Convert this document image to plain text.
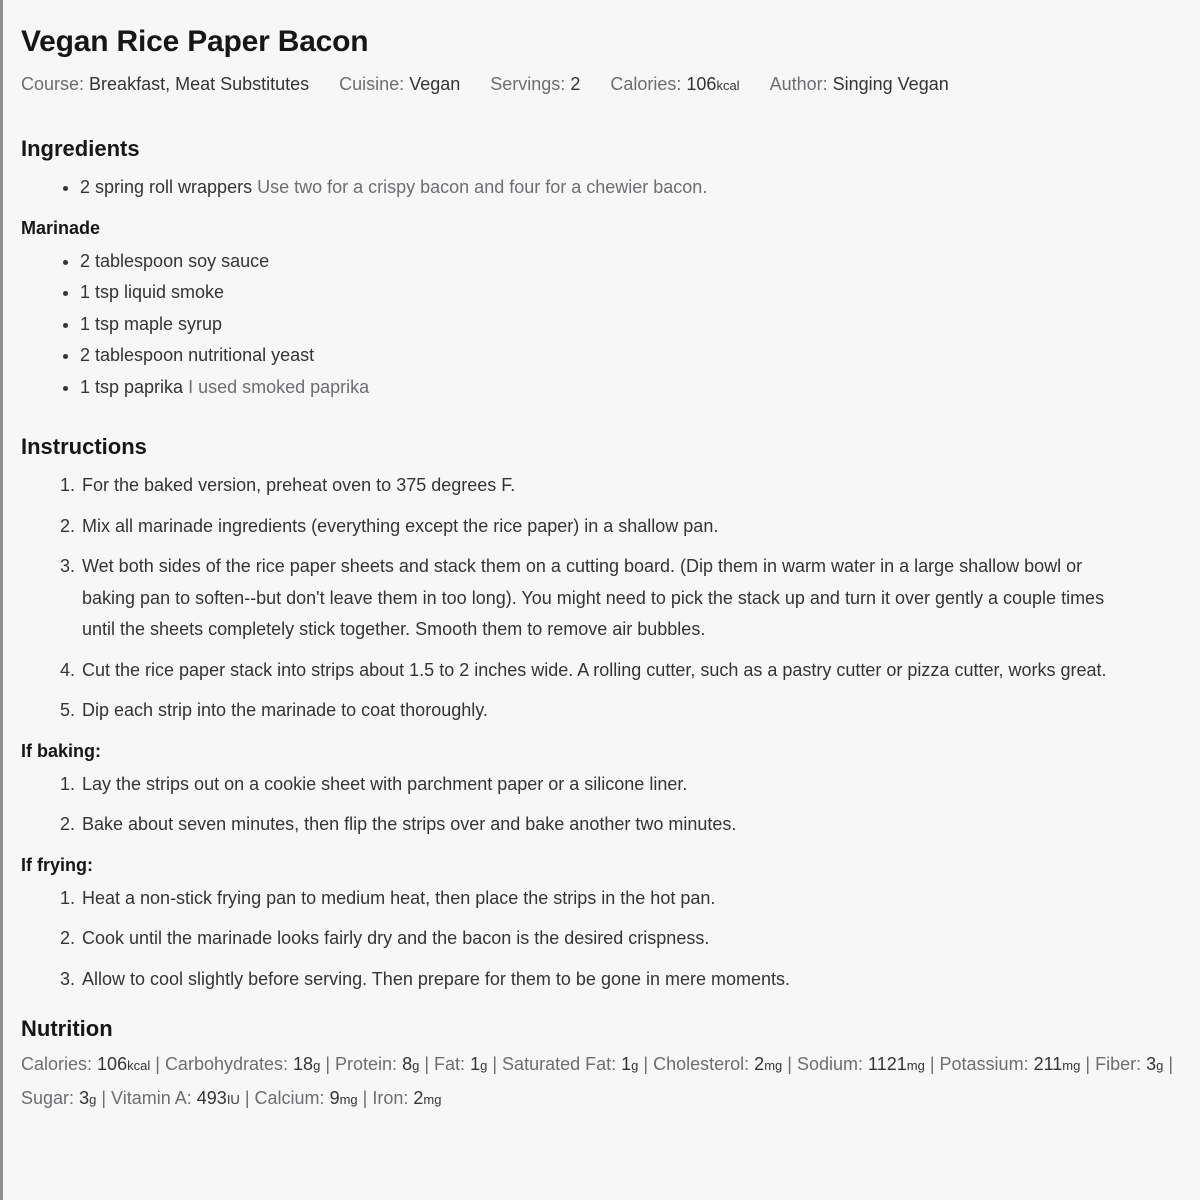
Vegan Rice Paper Bacon
Course: Breakfast, Meat Substitutes Cuisine: Vegan Servings: 2 Calories: 106kcal Author: Singing Vegan
Ingredients
• 2 spring roll wrappers Use two for a crispy bacon and four for a chewier bacon.
Marinade
• 2 tablespoon soy sauce
• 1 tsp liquid smoke
• 1 tsp maple syrup
• 2 tablespoon nutritional yeast
• 1 tsp paprika I used smoked paprika
Instructions
1. For the baked version, preheat oven to 375 degrees F.
2. Mix all marinade ingredients (everything except the rice paper) in a shallow pan.
3. Wet both sides of the rice paper sheets and stack them on a cutting board. (Dip them in warm water in a large shallow bowl or baking pan to soften--but don't leave them in too long). You might need to pick the stack up and turn it over gently a couple times until the sheets completely stick together. Smooth them to remove air bubbles.
4. Cut the rice paper stack into strips about 1.5 to 2 inches wide. A rolling cutter, such as a pastry cutter or pizza cutter, works great.
5. Dip each strip into the marinade to coat thoroughly.
If baking:
1. Lay the strips out on a cookie sheet with parchment paper or a silicone liner.
2. Bake about seven minutes, then flip the strips over and bake another two minutes.
If frying:
1. Heat a non-stick frying pan to medium heat, then place the strips in the hot pan.
2. Cook until the marinade looks fairly dry and the bacon is the desired crispness.
3. Allow to cool slightly before serving. Then prepare for them to be gone in mere moments.
Nutrition

Calories: 106kcal | Carbohydrates: 18g | Protein: 8g | Fat: 1g | Saturated Fat: 1g | Cholesterol: 2mg | Sodium: 1121mg | Potassium: 211mg | Fiber: 3g | Sugar: 3g | Vitamin A: 493IU | Calcium: 9mg | Iron: 2mg
